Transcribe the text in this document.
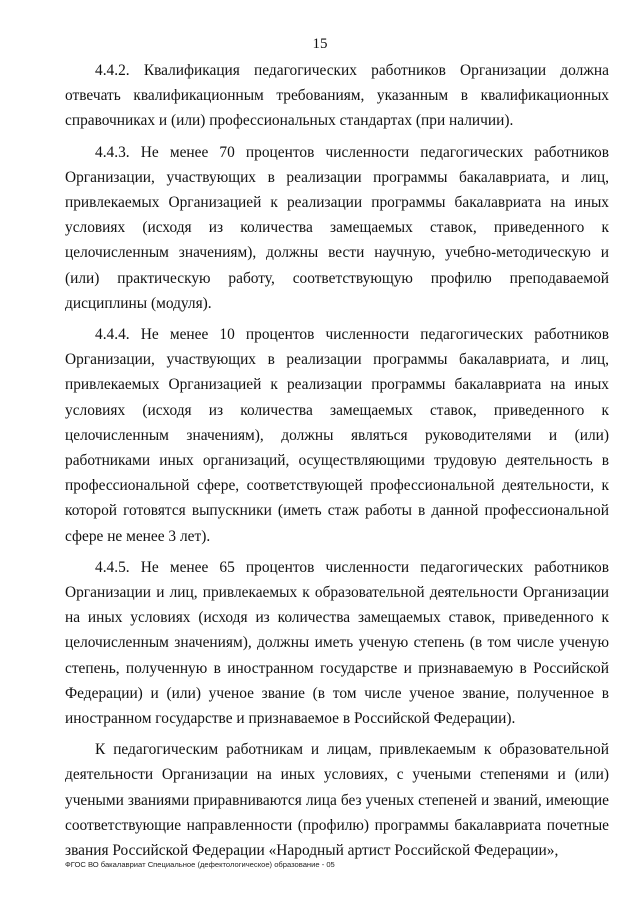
15

4.4.2. Квалификация педагогических работников Организации должна отвечать квалификационным требованиям, указанным в квалификационных справочниках и (или) профессиональных стандартах (при наличии).

4.4.3. Не менее 70 процентов численности педагогических работников Организации, участвующих в реализации программы бакалавриата, и лиц, привлекаемых Организацией к реализации программы бакалавриата на иных условиях (исходя из количества замещаемых ставок, приведенного к целочисленным значениям), должны вести научную, учебно-методическую и (или) практическую работу, соответствующую профилю преподаваемой дисциплины (модуля).

4.4.4. Не менее 10 процентов численности педагогических работников Организации, участвующих в реализации программы бакалавриата, и лиц, привлекаемых Организацией к реализации программы бакалавриата на иных условиях (исходя из количества замещаемых ставок, приведенного к целочисленным значениям), должны являться руководителями и (или) работниками иных организаций, осуществляющими трудовую деятельность в профессиональной сфере, соответствующей профессиональной деятельности, к которой готовятся выпускники (иметь стаж работы в данной профессиональной сфере не менее 3 лет).

4.4.5. Не менее 65 процентов численности педагогических работников Организации и лиц, привлекаемых к образовательной деятельности Организации на иных условиях (исходя из количества замещаемых ставок, приведенного к целочисленным значениям), должны иметь ученую степень (в том числе ученую степень, полученную в иностранном государстве и признаваемую в Российской Федерации) и (или) ученое звание (в том числе ученое звание, полученное в иностранном государстве и признаваемое в Российской Федерации).

К педагогическим работникам и лицам, привлекаемым к образовательной деятельности Организации на иных условиях, с учеными степенями и (или) учеными званиями приравниваются лица без ученых степеней и званий, имеющие соответствующие направленности (профилю) программы бакалавриата почетные звания Российской Федерации «Народный артист Российской Федерации»,

ФГОС ВО бакалавриат Специальное (дефектологическое) образование - 05
